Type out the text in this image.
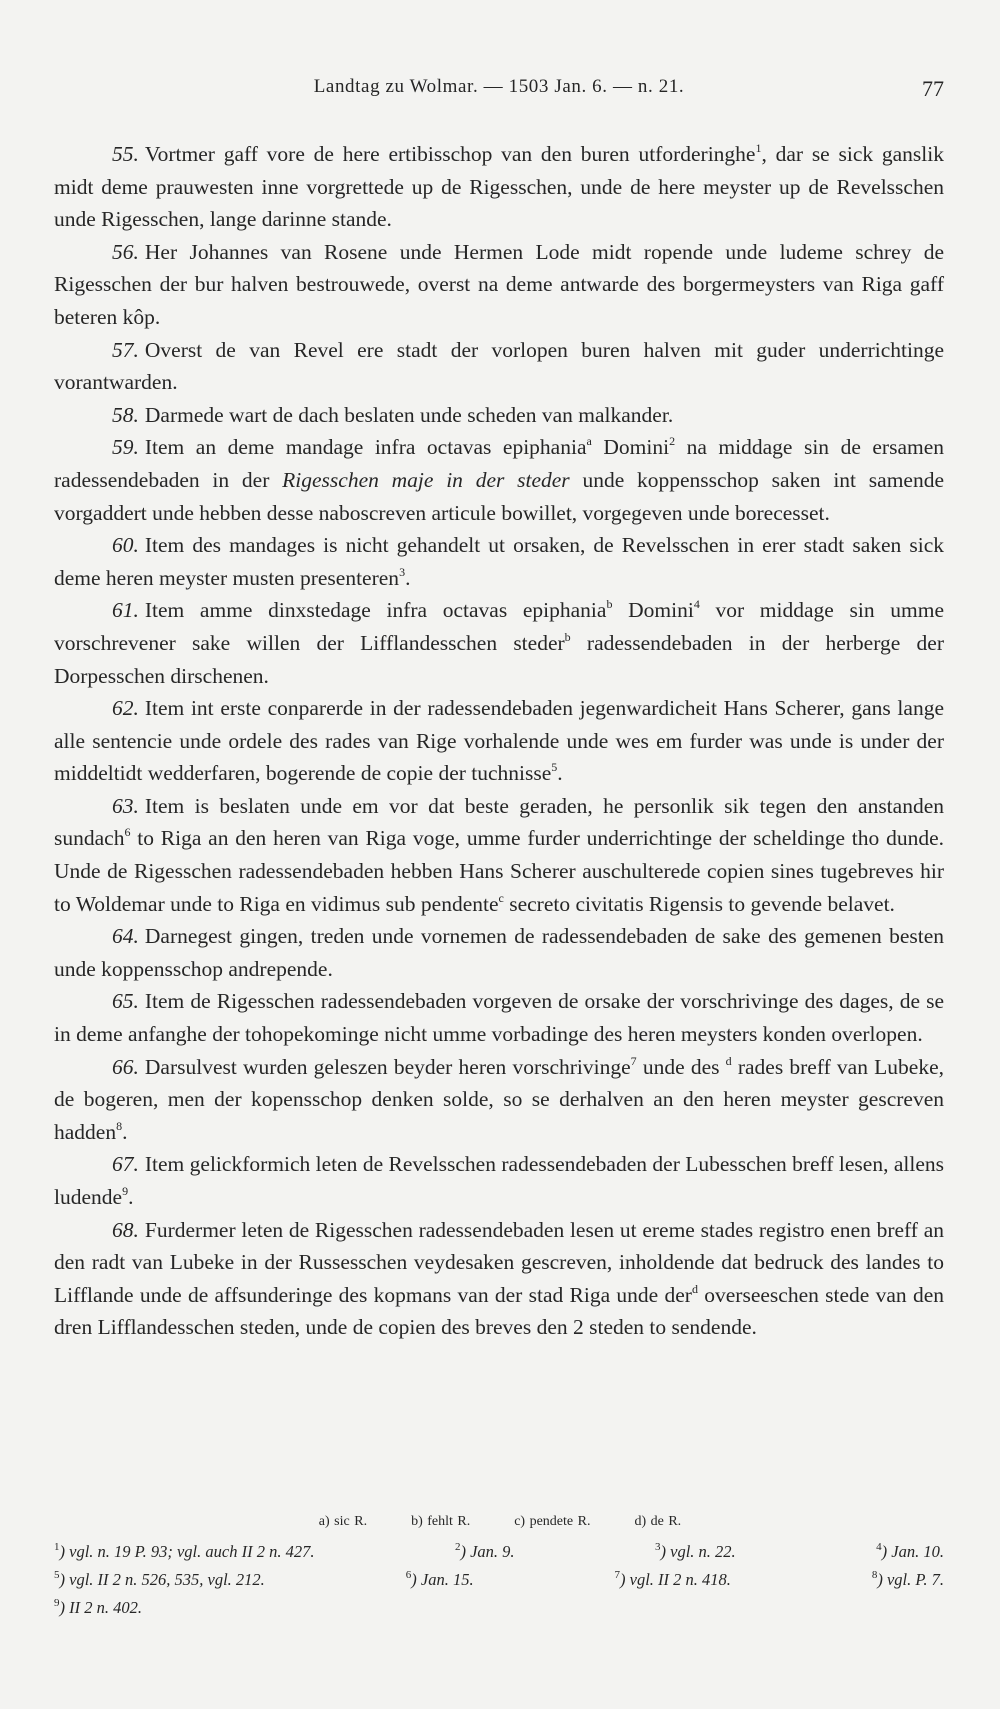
Landtag zu Wolmar. — 1503 Jan. 6. — n. 21.	77

55. Vortmer gaff vore de here ertibisschop van den buren utforderinghe$^1$, dar se sick ganslik midt deme prauwesten inne vorgrettede up de Rigesschen, unde de here meyster up de Revelsschen unde Rigesschen, lange darinne stande.

56. Her Johannes van Rosene unde Hermen Lode midt ropende unde ludeme schrey de Rigesschen der bur halven bestrouwede, overst na deme antwarde des borgermeysters van Riga gaff beteren kôp.

57. Overst de van Revel ere stadt der vorlopen buren halven mit guder underrichtinge vorantwarden.

58. Darmede wart de dach beslaten unde scheden van malkander.

59. Item an deme mandage infra octavas epiphania$^a$ Domini$^2$ na middage sin de ersamen radessendebaden in der Rigesschen maje in der steder unde koppensschop saken int samende vorgaddert unde hebben desse naboscreven articule bowillet, vorgegeven unde borecesset.

60. Item des mandages is nicht gehandelt ut orsaken, de Revelsschen in erer stadt saken sick deme heren meyster musten presenteren$^3$.

61. Item amme dinxstedage infra octavas epiphania$^b$ Domini$^4$ vor middage sin umme vorschrevener sake willen der Lifflandesschen steder$^b$ radessendebaden in der herberge der Dorpesschen dirschenen.

62. Item int erste conparerde in der radessendebaden jegenwardicheit Hans Scherer, gans lange alle sentencie unde ordele des rades van Rige vorhalende unde wes em furder was unde is under der middeltidt wedderfaren, bogerende de copie der tuchnisse$^5$.

63. Item is beslaten unde em vor dat beste geraden, he personlik sik tegen den anstanden sundach$^6$ to Riga an den heren van Riga voge, umme furder underrichtinge der scheldinge tho dunde. Unde de Rigesschen radessendebaden hebben Hans Scherer auschulterede copien sines tugebreves hir to Woldemar unde to Riga en vidimus sub pendente$^c$ secreto civitatis Rigensis to gevende belavet.

64. Darnegest gingen, treden unde vornemen de radessendebaden de sake des gemenen besten unde koppensschop andrepende.

65. Item de Rigesschen radessendebaden vorgeven de orsake der vorschrivinge des dages, de se in deme anfanghe der tohopekominge nicht umme vorbadinge des heren meysters konden overlopen.

66. Darsulvest wurden geleszen beyder heren vorschrivinge$^7$ unde des $^d$ rades breff van Lubeke, de bogeren, men der kopensschop denken solde, so se derhalven an den heren meyster gescreven hadden$^8$.

67. Item gelickformich leten de Revelsschen radessendebaden der Lubesschen breff lesen, allens ludende$^9$.

68. Furdermer leten de Rigesschen radessendebaden lesen ut ereme stades registro enen breff an den radt van Lubeke in der Russesschen veydesaken gescreven, inholdende dat bedruck des landes to Lifflande unde de affsunderinge des kopmans van der stad Riga unde der$^d$ overseeschen stede van den dren Lifflandesschen steden, unde de copien des breves den 2 steden to sendende.

a) sic R.	b) fehlt R.	c) pendete R.	d) de R.
$^1$) vgl. n. 19 P. 93; vgl. auch II 2 n. 427.	$^2$) Jan. 9.	$^3$) vgl. n. 22.	$^4$) Jan. 10.
$^5$) vgl. II 2 n. 526, 535, vgl. 212.	$^6$) Jan. 15.	$^7$) vgl. II 2 n. 418.	$^8$) vgl. P. 7.
$^9$) II 2 n. 402.
